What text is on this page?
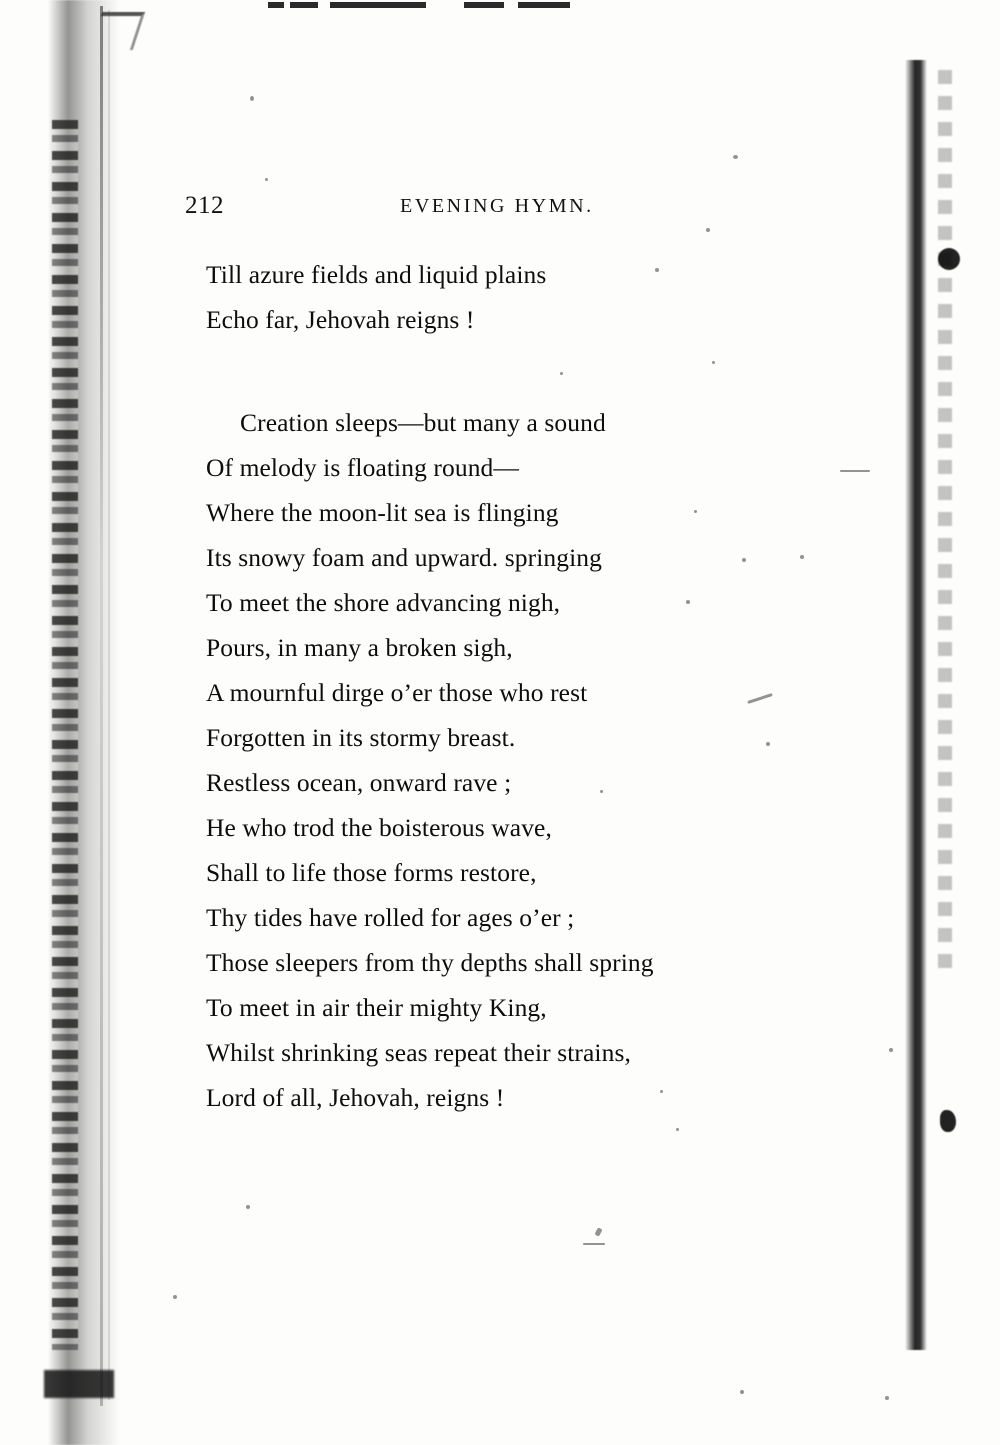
212	EVENING HYMN.
Till azure fields and liquid plains
Echo far, Jehovah reigns !
Creation sleeps—but many a sound
Of melody is floating round—
Where the moon-lit sea is flinging
Its snowy foam and upward. springing
To meet the shore advancing nigh,
Pours, in many a broken sigh,
A mournful dirge o’er those who rest
Forgotten in its stormy breast.
Restless ocean, onward rave ;
He who trod the boisterous wave,
Shall to life those forms restore,
Thy tides have rolled for ages o’er ;
Those sleepers from thy depths shall spring
To meet in air their mighty King,
Whilst shrinking seas repeat their strains,
Lord of all, Jehovah, reigns !
